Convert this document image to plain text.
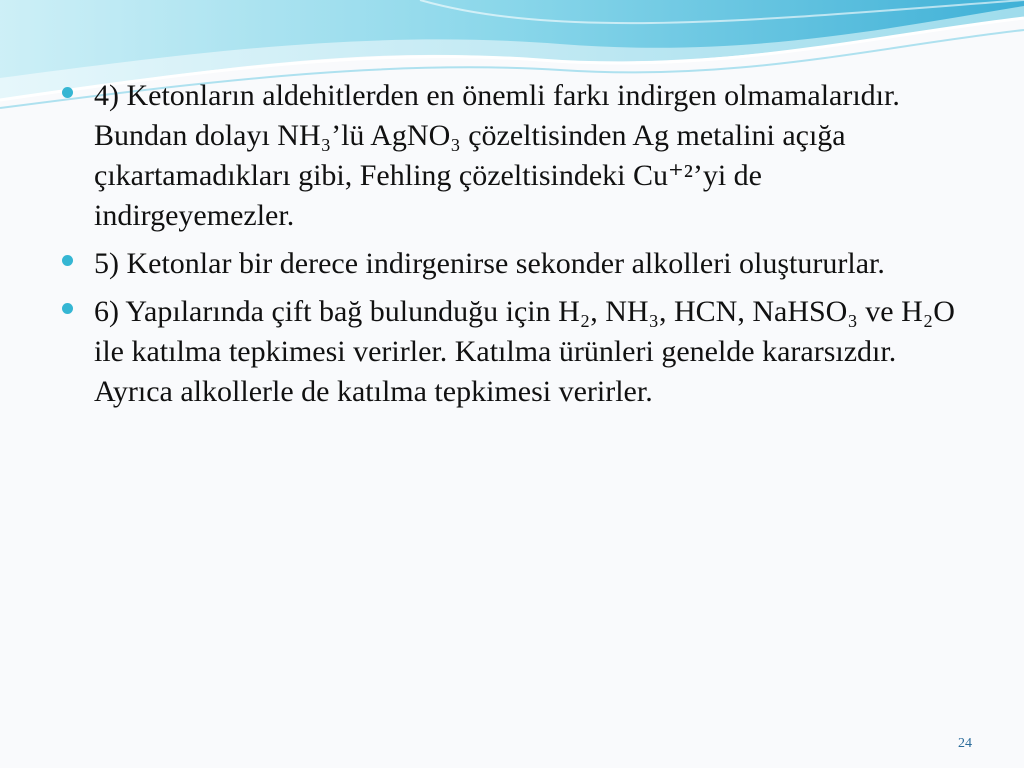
4) Ketonların aldehitlerden en önemli farkı indirgen olmamalarıdır. Bundan dolayı NH₃’lü AgNO₃ çözeltisinden Ag metalini açığa çıkartamadıkları gibi, Fehling çözeltisindeki Cu⁺²’yi de indirgeyemezler.
5) Ketonlar bir derece indirgenirse sekonder alkolleri oluştururlar.
6) Yapılarında çift bağ bulunduğu için H₂, NH₃, HCN, NaHSO₃ ve H₂O ile katılma tepkimesi verirler. Katılma ürünleri genelde kararsızdır. Ayrıca alkollerle de katılma tepkimesi verirler.
24
